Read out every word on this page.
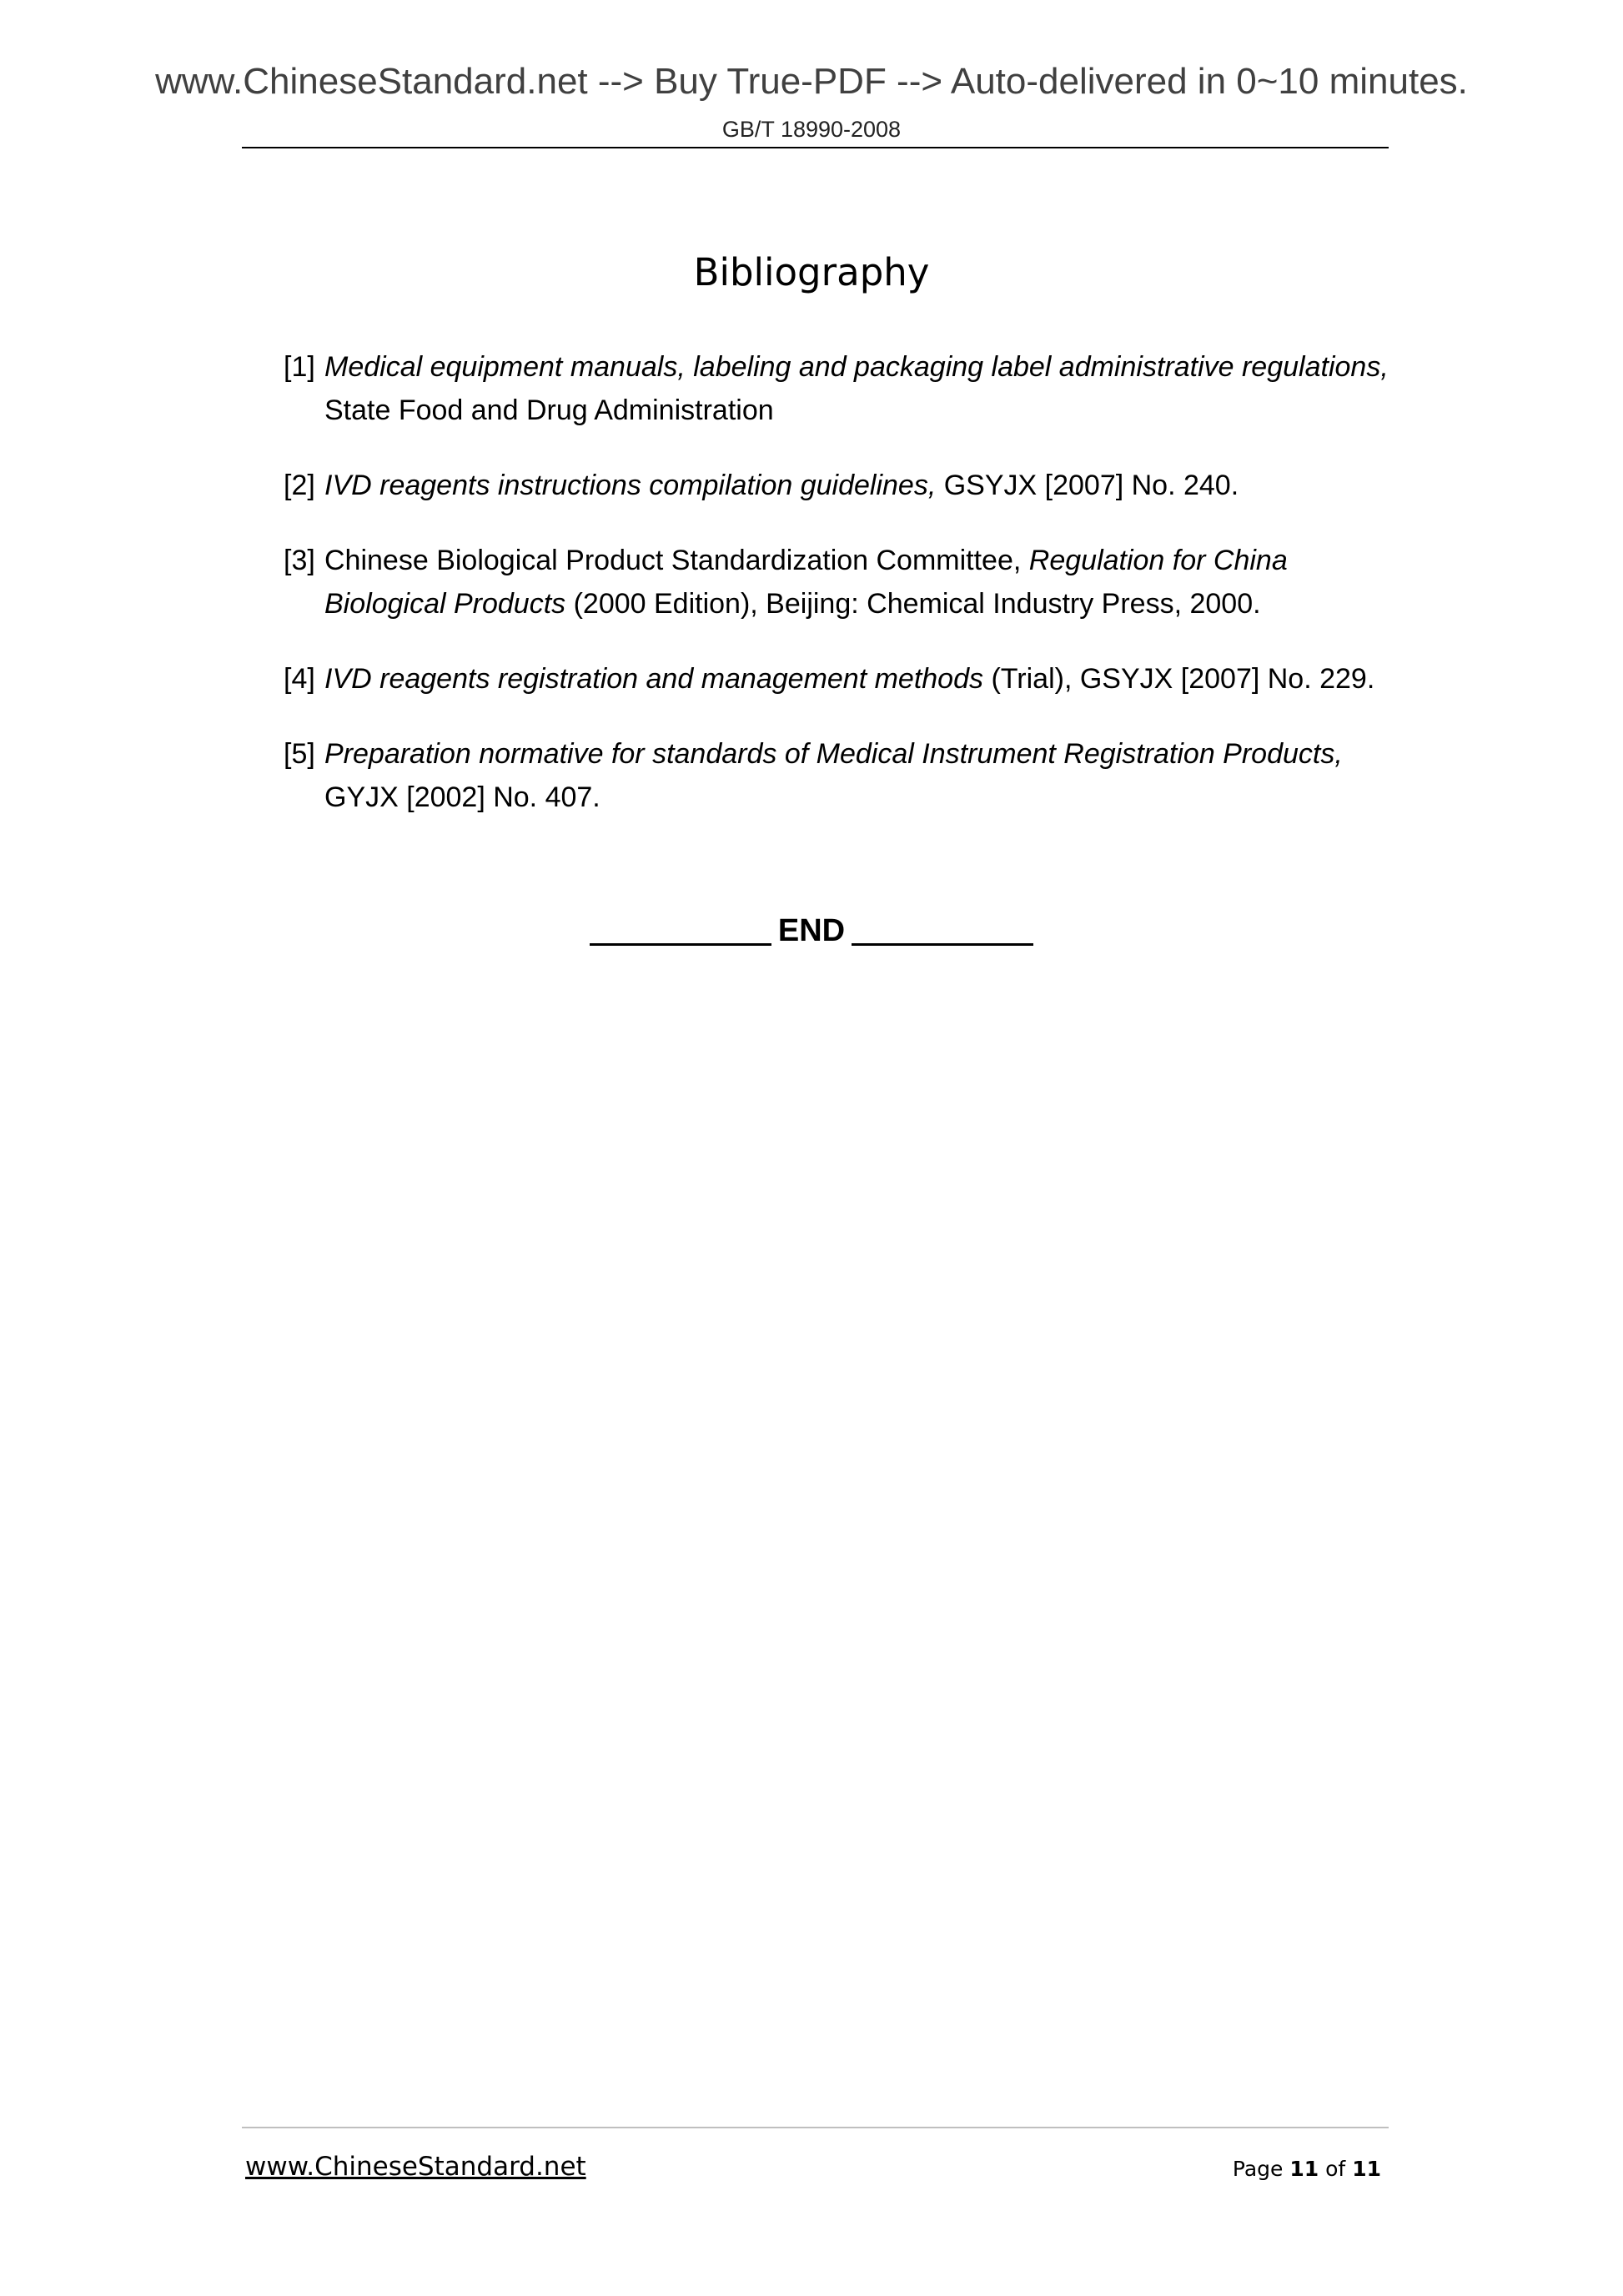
www.ChineseStandard.net --> Buy True-PDF --> Auto-delivered in 0~10 minutes.
GB/T 18990-2008
Bibliography
[1] Medical equipment manuals, labeling and packaging label administrative regulations, State Food and Drug Administration
[2] IVD reagents instructions compilation guidelines, GSYJX [2007] No. 240.
[3] Chinese Biological Product Standardization Committee, Regulation for China Biological Products (2000 Edition), Beijing: Chemical Industry Press, 2000.
[4] IVD reagents registration and management methods (Trial), GSYJX [2007] No. 229.
[5] Preparation normative for standards of Medical Instrument Registration Products, GYJX [2002] No. 407.
END
www.ChineseStandard.net	Page 11 of 11
